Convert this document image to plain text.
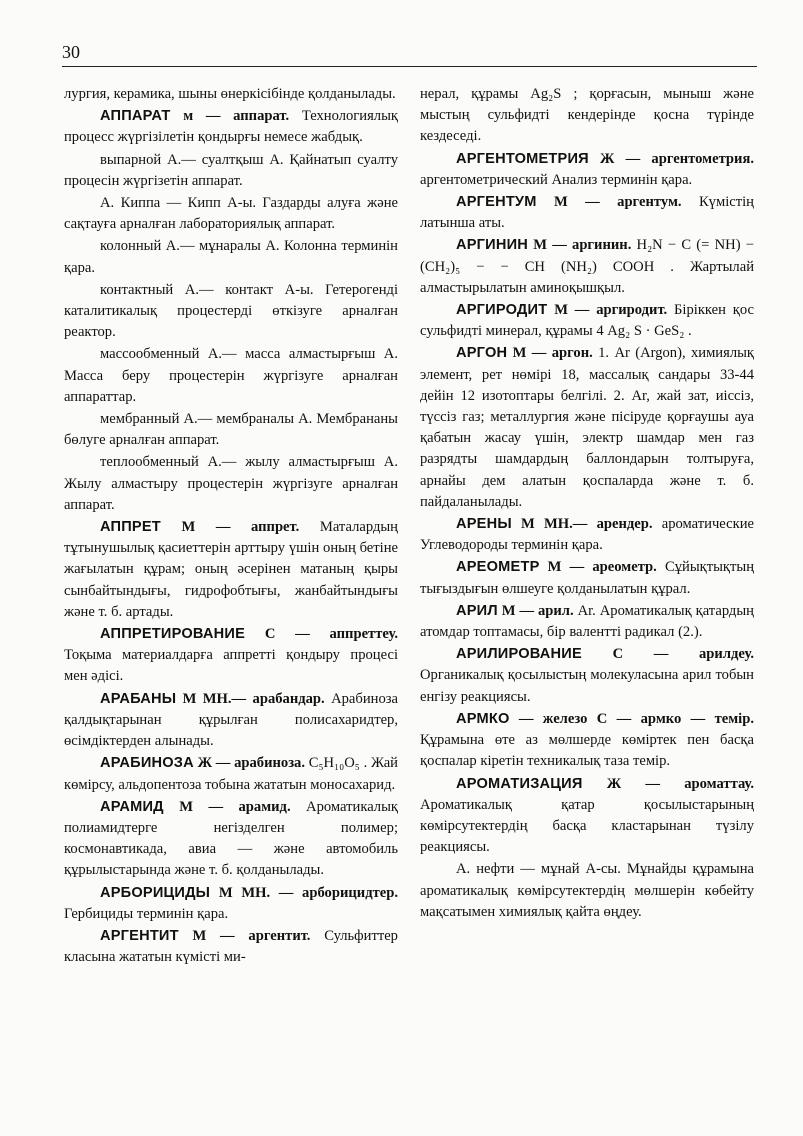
30

лургия, керамика, шыны өнеркісібінде қолданылады.

АППАРАТ м — аппарат. Технологиялық процесс жүргізілетін қондырғы немесе жабдық.

выпарной А.— суалтқыш А. Қайнатып суалту процесін жүргізетін аппарат.

А. Киппа — Кипп А-ы. Газдарды алуға және сақтауға арналған лабораториялық аппарат.

колонный А.— мұнаралы А. Колонна терминін қара.

контактный А.— контакт А-ы. Гетерогенді каталитикалық процестерді өткізуге арналған реактор.

массообменный А.— масса алмастырғыш А. Масса беру процестерін жүргізуге арналған аппараттар.

мембранный А.— мембраналы А. Мембрананы бөлуге арналған аппарат.

теплообменный А.— жылу алмастырғыш А. Жылу алмастыру процестерін жүргізуге арналған аппарат.

АППРЕТ М — аппрет. Маталардың тұтынушылық қасиеттерін арттыру үшін оның бетіне жағылатын құрам; оның әсерінен матаның қыры сынбайтындығы, гидрофобтығы, жанбайтындығы және т. б. артады.

АППРЕТИРОВАНИЕ С — аппреттеу. Тоқыма материалдарға аппретті қондыру процесі мен әдісі.

АРАБАНЫ М МН.— арабандар. Арабиноза қалдықтарынан құрылған полисахаридтер, өсімдіктерден алынады.

АРАБИНОЗА Ж — арабиноза. C₅H₁₀O₅ . Жай көмірсу, альдопентоза тобына жататын моносахарид.

АРАМИД М — арамид. Ароматикалық полиамидтерге негізделген полимер; космонавтикада, авиа — және автомобиль құрылыстарында және т. б. қолданылады.

АРБОРИЦИДЫ М МН. — арборицидтер. Гербициды терминін қара.

АРГЕНТИТ М — аргентит. Сульфиттер класына жататын күмісті ми-

нерал, құрамы Ag₂S ; қорғасын, мыныш және мыстың сульфидті кендерінде қосна түрінде кездеседі.

АРГЕНТОМЕТРИЯ Ж — аргентометрия. аргентометрический Анализ терминін қара.

АРГЕНТУМ М — аргентум. Күмістің латынша аты.

АРГИНИН М — аргинин. H₂N − C (= NH) − (CH₂)₅ − − CH (NH₂) COOH . Жартылай алмастырылатын аминоқышқыл.

АРГИРОДИТ М — аргиродит. Біріккен қос сульфидті минерал, құрамы 4 Ag₂ S · GeS₂ .

АРГОН М — аргон. 1. Ar (Argon), химиялық элемент, рет нөмірі 18, массалық сандары 33-44 дейін 12 изотоптары белгілі. 2. Ar, жай зат, иіссіз, түссіз газ; металлургия және пісіруде қорғаушы ауа қабатын жасау үшін, электр шамдар мен газ разрядты шамдардың баллондарын толтыруға, арнайы дем алатын қоспаларда және т. б. пайдаланылады.

АРЕНЫ М МН.— арендер. ароматические Углеводороды терминін қара.

АРЕОМЕТР М — ареометр. Сұйықтықтың тығыздығын өлшеуге қолданылатын құрал.

АРИЛ М — арил. Ar. Ароматикалық қатардың атомдар топтамасы, бір валентті радикал (2.).

АРИЛИРОВАНИЕ С — арилдеу. Органикалық қосылыстың молекуласына арил тобын енгізу реакциясы.

АРМКО — железо С — армко — темір. Құрамына өте аз мөлшерде көміртек пен басқа қоспалар кіретін техникалық таза темір.

АРОМАТИЗАЦИЯ Ж — ароматтау. Ароматикалық қатар қосылыстарының көмірсутектердің басқа кластарынан түзілу реакциясы.

А. нефти — мұнай А-сы. Мұнайды құрамына ароматикалық көмірсутектердің мөлшерін көбейту мақсатымен химиялық қайта өңдеу.
